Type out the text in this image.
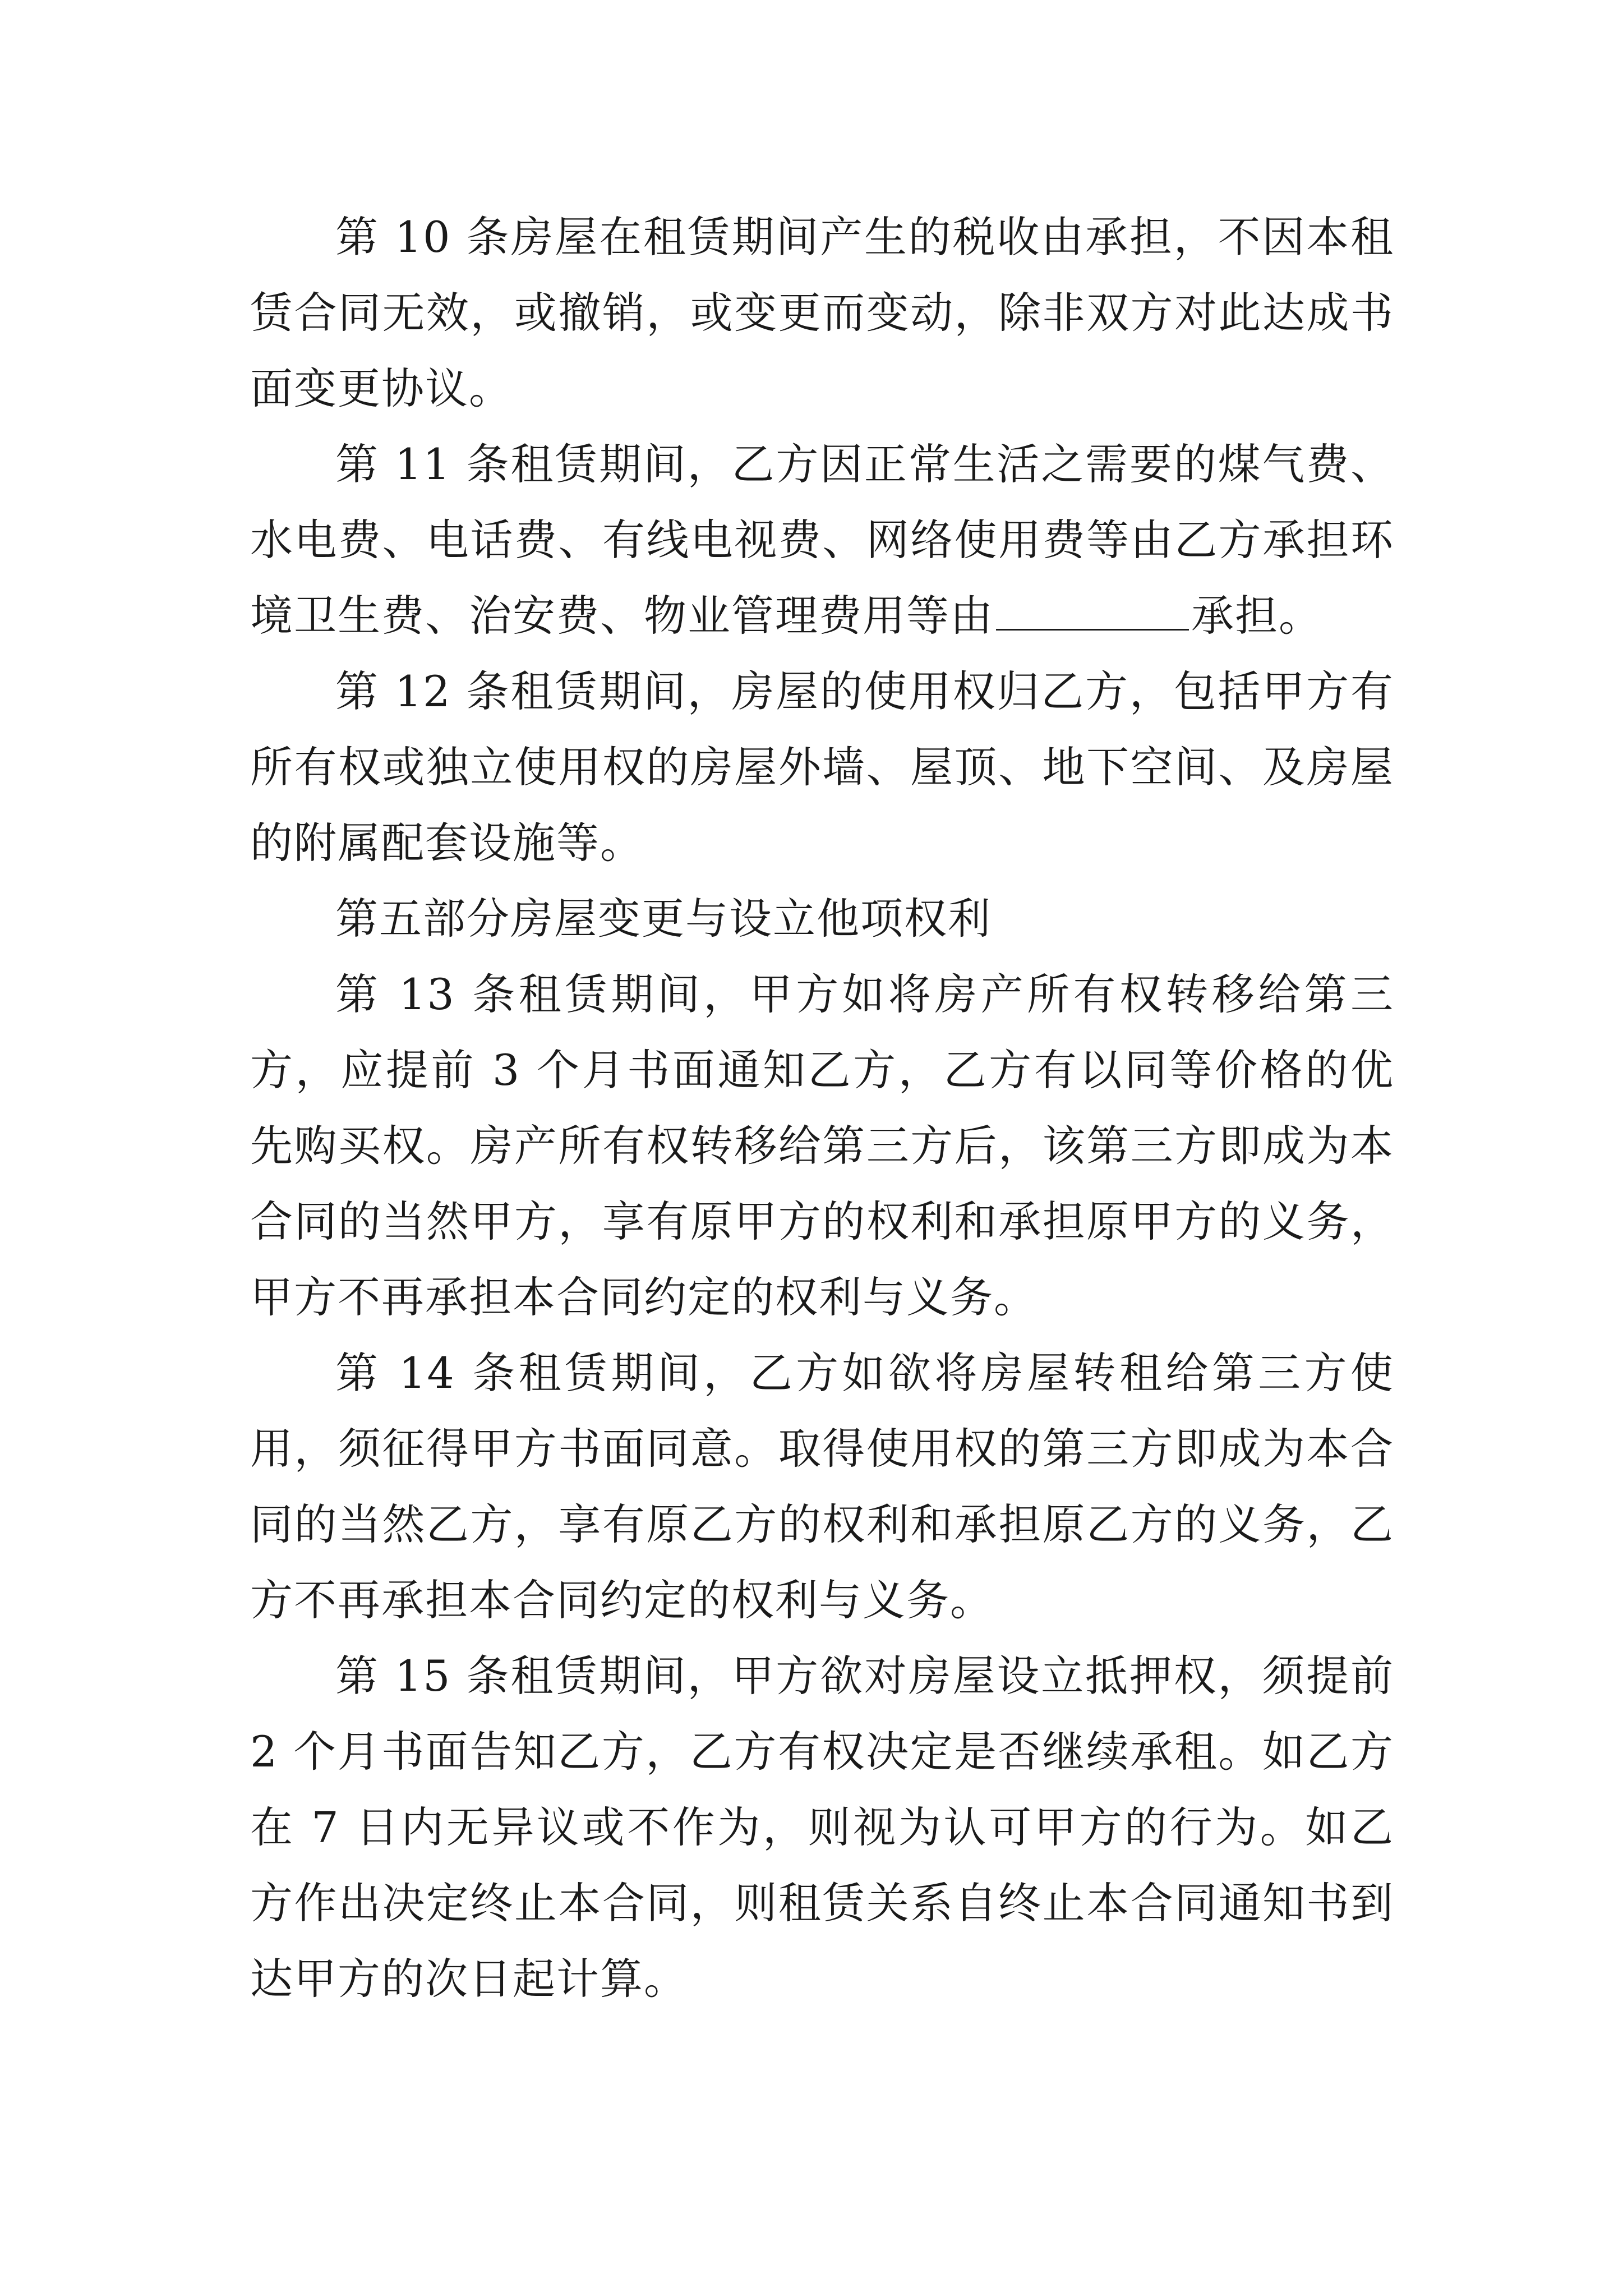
第 10 条房屋在租赁期间产生的税收由承担，不因本租赁合同无效，或撤销，或变更而变动，除非双方对此达成书面变更协议。

第 11 条租赁期间，乙方因正常生活之需要的煤气费、水电费、电话费、有线电视费、网络使用费等由乙方承担环境卫生费、治安费、物业管理费用等由	承担。

第 12 条租赁期间，房屋的使用权归乙方，包括甲方有所有权或独立使用权的房屋外墙、屋顶、地下空间、及房屋的附属配套设施等。

第五部分房屋变更与设立他项权利

第 13 条租赁期间，甲方如将房产所有权转移给第三方，应提前 3 个月书面通知乙方，乙方有以同等价格的优先购买权。房产所有权转移给第三方后，该第三方即成为本合同的当然甲方，享有原甲方的权利和承担原甲方的义务，甲方不再承担本合同约定的权利与义务。

第 14 条租赁期间，乙方如欲将房屋转租给第三方使用，须征得甲方书面同意。取得使用权的第三方即成为本合同的当然乙方，享有原乙方的权利和承担原乙方的义务，乙方不再承担本合同约定的权利与义务。

第 15 条租赁期间，甲方欲对房屋设立抵押权，须提前 2 个月书面告知乙方，乙方有权决定是否继续承租。如乙方在 7 日内无异议或不作为，则视为认可甲方的行为。如乙方作出决定终止本合同，则租赁关系自终止本合同通知书到达甲方的次日起计算。
